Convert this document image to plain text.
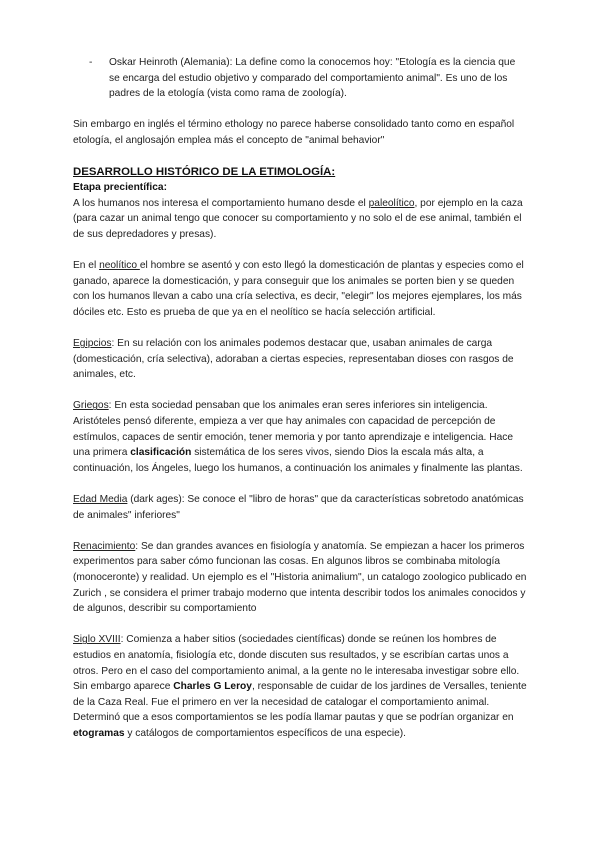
- Oskar Heinroth (Alemania): La define como la conocemos hoy: "Etología es la ciencia que se encarga del estudio objetivo y comparado del comportamiento animal". Es uno de los padres de la etología (vista como rama de zoología).

Sin embargo en inglés el término ethology no parece haberse consolidado tanto como en español etología, el anglosajón emplea más el concepto de "animal behavior"

DESARROLLO HISTÓRICO DE LA ETIMOLOGÍA:
Etapa precientífica:

A los humanos nos interesa el comportamiento humano desde el paleolítico, por ejemplo en la caza (para cazar un animal tengo que conocer su comportamiento y no solo el de ese animal, también el de sus depredadores y presas).

En el neolítico el hombre se asentó y con esto llegó la domesticación de plantas y especies como el ganado, aparece la domesticación, y para conseguir que los animales se porten bien y se queden con los humanos llevan a cabo una cría selectiva, es decir, "elegir" los mejores ejemplares, los más dóciles etc. Esto es prueba de que ya en el neolítico se hacía selección artificial.

Egipcios: En su relación con los animales podemos destacar que, usaban animales de carga (domesticación, cría selectiva), adoraban a ciertas especies, representaban dioses con rasgos de animales, etc.

Griegos: En esta sociedad pensaban que los animales eran seres inferiores sin inteligencia. Aristóteles pensó diferente, empieza a ver que hay animales con capacidad de percepción de estímulos, capaces de sentir emoción, tener memoria y por tanto aprendizaje e inteligencia. Hace una primera clasificación sistemática de los seres vivos, siendo Dios la escala más alta, a continuación, los Ángeles, luego los humanos, a continuación los animales y finalmente las plantas.

Edad Media (dark ages): Se conoce el "libro de horas" que da características sobretodo anatómicas de animales" inferiores"

Renacimiento: Se dan grandes avances en fisiología y anatomía. Se empiezan a hacer los primeros experimentos para saber cómo funcionan las cosas. En algunos libros se combinaba mitología (monoceronte) y realidad. Un ejemplo es el "Historia animalium", un catalogo zoologico publicado en Zurich , se considera el primer trabajo moderno que intenta describir todos los animales conocidos y de algunos, describir su comportamiento

Siglo XVIII: Comienza a haber sitios (sociedades científicas) donde se reúnen los hombres de estudios en anatomía, fisiología etc, donde discuten sus resultados, y se escribían cartas unos a otros. Pero en el caso del comportamiento animal, a la gente no le interesaba investigar sobre ello. Sin embargo aparece Charles G Leroy, responsable de cuidar de los jardines de Versalles, teniente de la Caza Real. Fue el primero en ver la necesidad de catalogar el comportamiento animal. Determinó que a esos comportamientos se les podía llamar pautas y que se podrían organizar en etogramas y catálogos de comportamientos específicos de una especie).
